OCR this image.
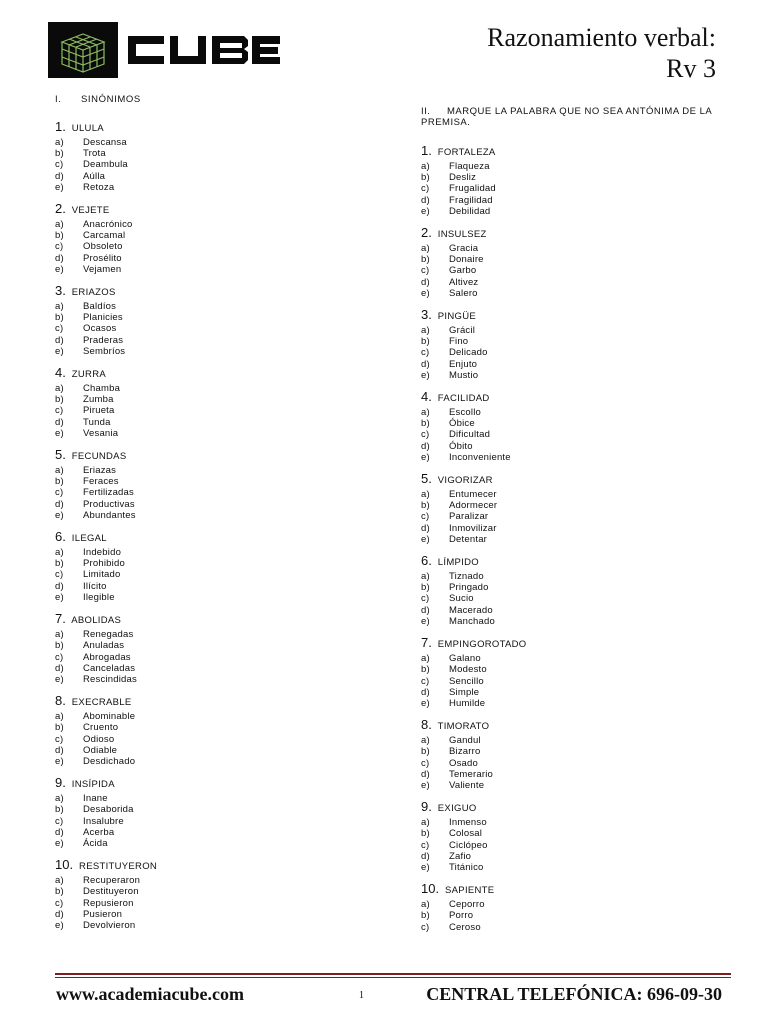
Razonamiento verbal:
Rv 3
I. SINÓNIMOS
1. ULULA
a) Descansa
b) Trota
c) Deambula
d) Aúlla
e) Retoza
2. VEJETE
a) Anacrónico
b) Carcamal
c) Obsoleto
d) Prosélito
e) Vejamen
3. ERIAZOS
a) Baldíos
b) Planicies
c) Ocasos
d) Praderas
e) Sembríos
4. ZURRA
a) Chamba
b) Zumba
c) Pirueta
d) Tunda
e) Vesania
5. FECUNDAS
a) Eriazas
b) Feraces
c) Fertilizadas
d) Productivas
e) Abundantes
6. ILEGAL
a) Indebido
b) Prohibido
c) Limitado
d) Ilícito
e) Ilegible
7. ABOLIDAS
a) Renegadas
b) Anuladas
c) Abrogadas
d) Canceladas
e) Rescindidas
8. EXECRABLE
a) Abominable
b) Cruento
c) Odioso
d) Odiable
e) Desdichado
9. INSÍPIDA
a) Inane
b) Desaborida
c) Insalubre
d) Acerba
e) Ácida
10. RESTITUYERON
a) Recuperaron
b) Destituyeron
c) Repusieron
d) Pusieron
e) Devolvieron
II. MARQUE LA PALABRA QUE NO SEA ANTÓNIMA DE LA PREMISA.
1. FORTALEZA
a) Flaqueza
b) Desliz
c) Frugalidad
d) Fragilidad
e) Debilidad
2. INSULSEZ
a) Gracia
b) Donaire
c) Garbo
d) Altivez
e) Salero
3. PINGÜE
a) Grácil
b) Fino
c) Delicado
d) Enjuto
e) Mustio
4. FACILIDAD
a) Escollo
b) Óbice
c) Dificultad
d) Óbito
e) Inconveniente
5. VIGORIZAR
a) Entumecer
b) Adormecer
c) Paralizar
d) Inmovilizar
e) Detentar
6. LÍMPIDO
a) Tiznado
b) Pringado
c) Sucio
d) Macerado
e) Manchado
7. EMPINGOROTADO
a) Galano
b) Modesto
c) Sencillo
d) Simple
e) Humilde
8. TIMORATO
a) Gandul
b) Bizarro
c) Osado
d) Temerario
e) Valiente
9. EXIGUO
a) Inmenso
b) Colosal
c) Ciclópeo
d) Zafio
e) Titánico
10. SAPIENTE
a) Ceporro
b) Porro
c) Ceroso
www.academiacube.com	1	CENTRAL TELEFÓNICA: 696-09-30
